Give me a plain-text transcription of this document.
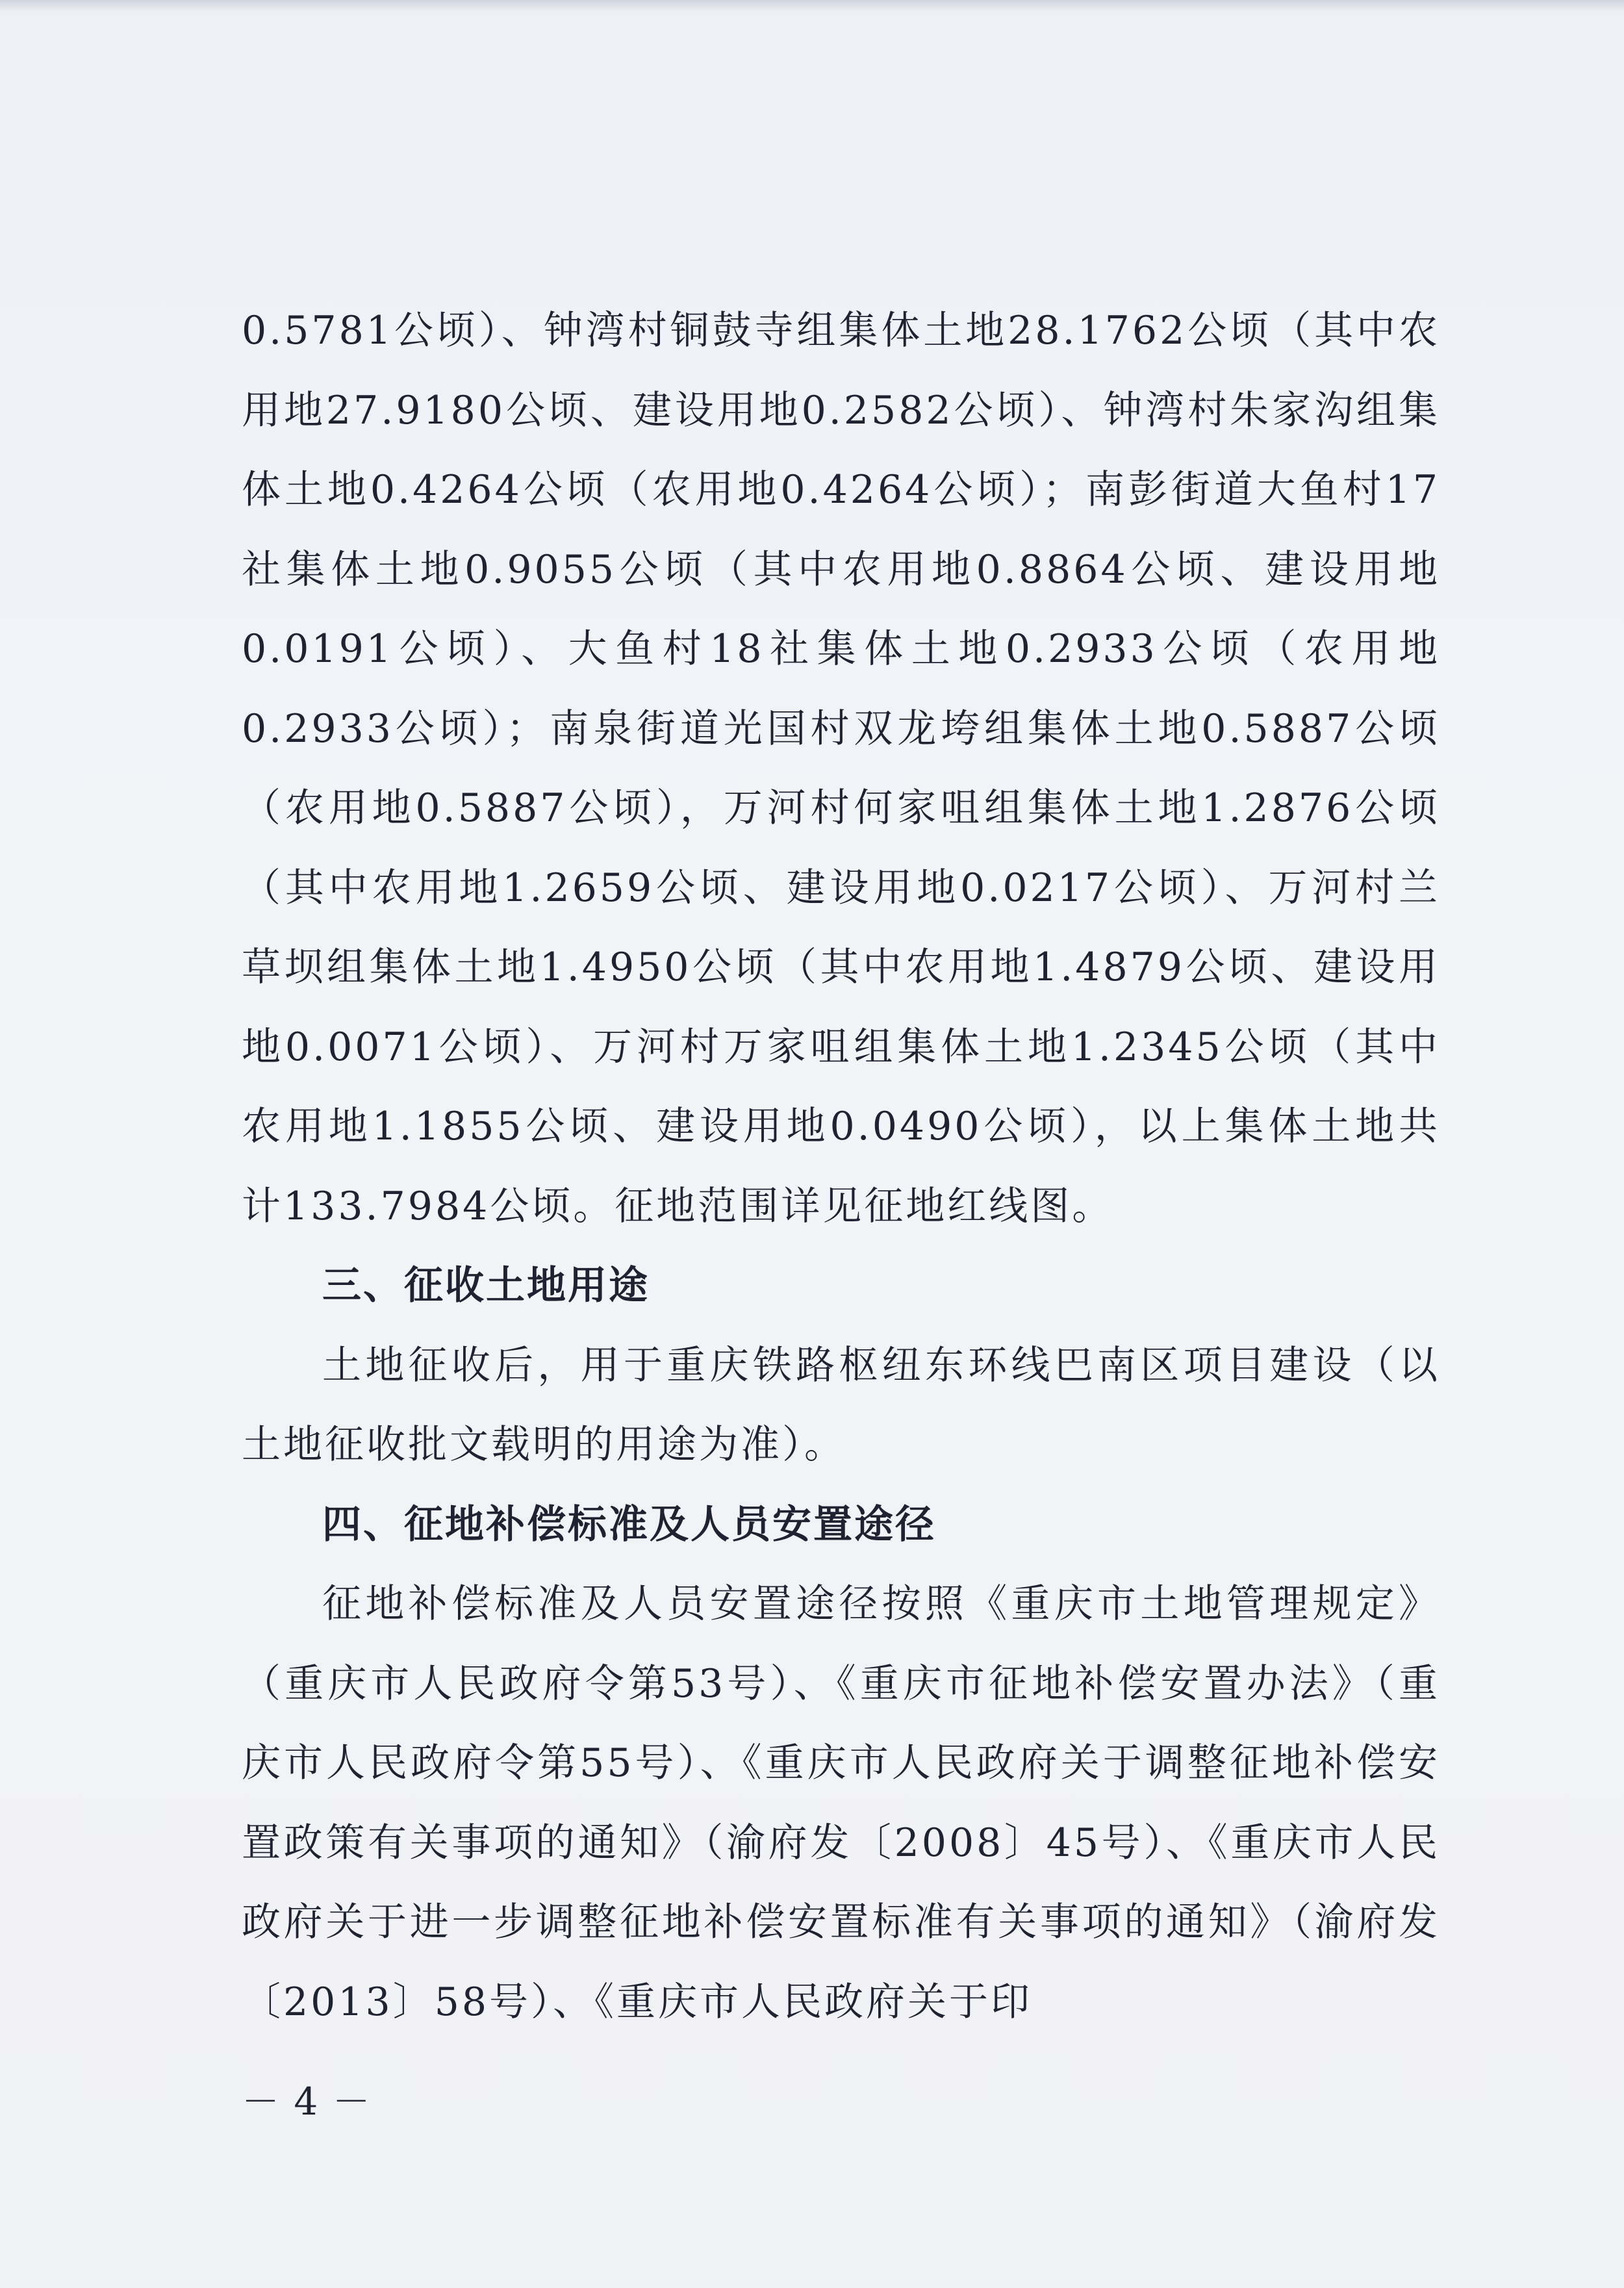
0.5781公顷）、钟湾村铜鼓寺组集体土地28.1762公顷（其中农用地27.9180公顷、建设用地0.2582公顷）、钟湾村朱家沟组集体土地0.4264公顷（农用地0.4264公顷）；南彭街道大鱼村17社集体土地0.9055公顷（其中农用地0.8864公顷、建设用地0.0191公顷）、大鱼村18社集体土地0.2933公顷（农用地0.2933公顷）；南泉街道光国村双龙垮组集体土地0.5887公顷（农用地0.5887公顷），万河村何家咀组集体土地1.2876公顷（其中农用地1.2659公顷、建设用地0.0217公顷）、万河村兰草坝组集体土地1.4950公顷（其中农用地1.4879公顷、建设用地0.0071公顷）、万河村万家咀组集体土地1.2345公顷（其中农用地1.1855公顷、建设用地0.0490公顷），以上集体土地共计133.7984公顷。征地范围详见征地红线图。

三、征收土地用途

土地征收后，用于重庆铁路枢纽东环线巴南区项目建设（以土地征收批文载明的用途为准）。

四、征地补偿标准及人员安置途径

征地补偿标准及人员安置途径按照《重庆市土地管理规定》（重庆市人民政府令第53号）、《重庆市征地补偿安置办法》（重庆市人民政府令第55号）、《重庆市人民政府关于调整征地补偿安置政策有关事项的通知》（渝府发〔2008〕45号）、《重庆市人民政府关于进一步调整征地补偿安置标准有关事项的通知》（渝府发〔2013〕58号）、《重庆市人民政府关于印

－ 4 －
